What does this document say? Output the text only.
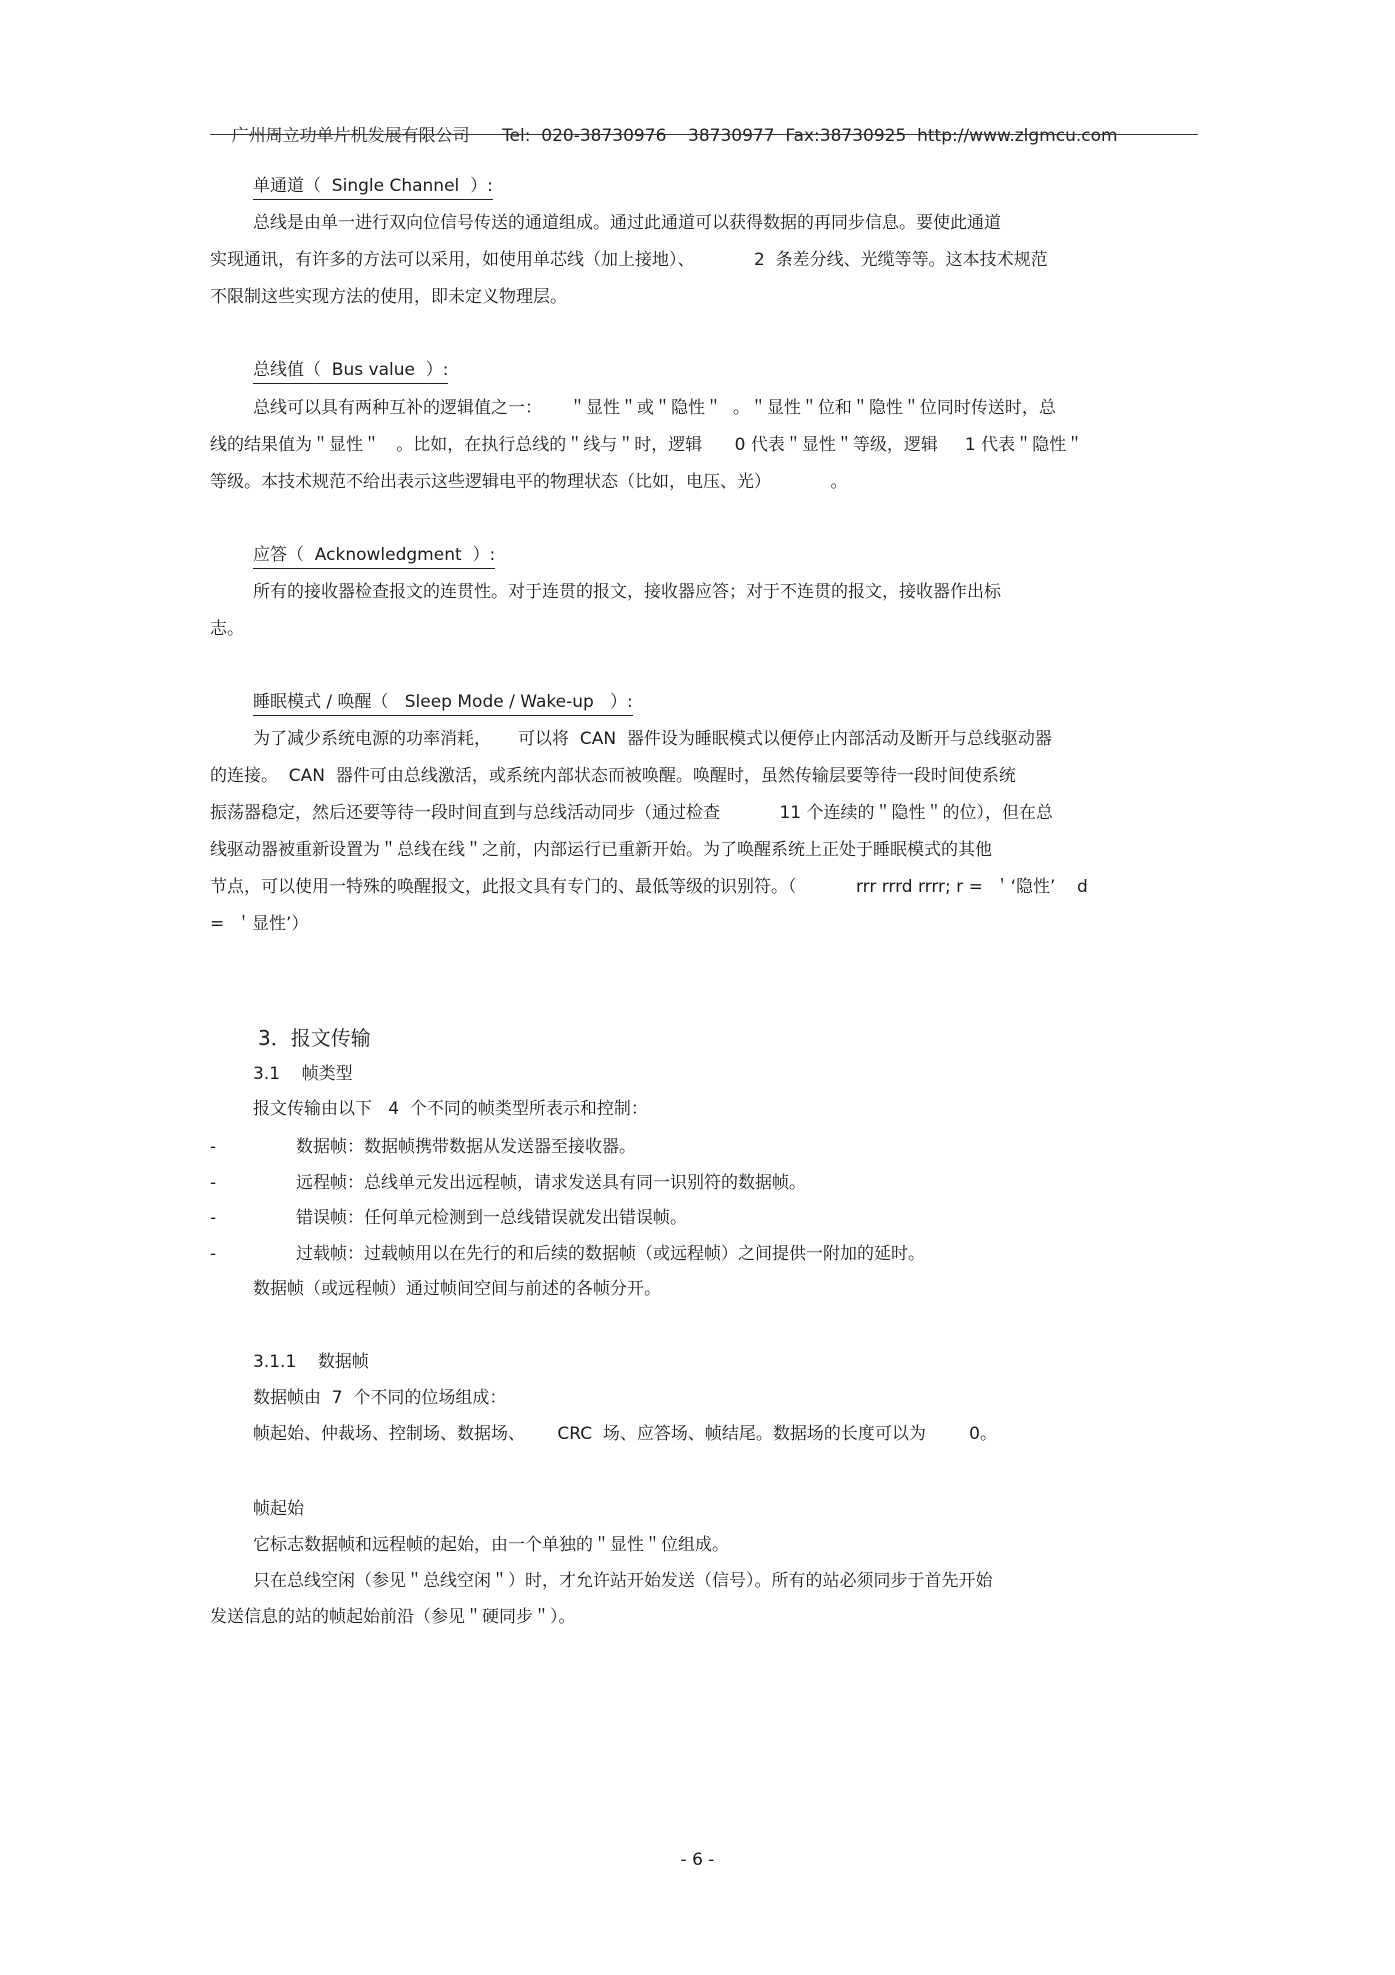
广州周立功单片机发展有限公司 Tel:  020-38730976    38730977  Fax:38730925  http://www.zlgmcu.com

单通道（  Single Channel  ）:
总线是由单一进行双向位信号传送的通道组成。通过此通道可以获得数据的再同步信息。要使此通道
实现通讯，有许多的方法可以采用，如使用单芯线（加上接地）、           2  条差分线、光缆等等。这本技术规范
不限制这些实现方法的使用，即未定义物理层。
总线值（  Bus value  ）:
总线可以具有两种互补的逻辑值之一：     ＂显性＂或＂隐性＂  。＂显性＂位和＂隐性＂位同时传送时，总
线的结果值为＂显性＂   。比如，在执行总线的＂线与＂时，逻辑      0 代表＂显性＂等级，逻辑     1 代表＂隐性＂
等级。本技术规范不给出表示这些逻辑电平的物理状态（比如，电压、光）           。
应答（  Acknowledgment  ）:
所有的接收器检查报文的连贯性。对于连贯的报文，接收器应答；对于不连贯的报文，接收器作出标
志。
睡眠模式 / 唤醒（   Sleep Mode / Wake-up   ）:
为了减少系统电源的功率消耗，     可以将  CAN  器件设为睡眠模式以便停止内部活动及断开与总线驱动器
的连接。  CAN  器件可由总线激活，或系统内部状态而被唤醒。唤醒时，虽然传输层要等待一段时间使系统
振荡器稳定，然后还要等待一段时间直到与总线活动同步（通过检查           11 个连续的＂隐性＂的位），但在总
线驱动器被重新设置为＂总线在线＂之前，内部运行已重新开始。为了唤醒系统上正处于睡眠模式的其他
节点，可以使用一特殊的唤醒报文，此报文具有专门的、最低等级的识别符。（           rrr rrrd rrrr; r =  ＇‘隐性’    d
=  ＇显性’）
3．报文传输
3.1    帧类型
报文传输由以下   4  个不同的帧类型所表示和控制：
-	数据帧：数据帧携带数据从发送器至接收器。
-	远程帧：总线单元发出远程帧，请求发送具有同一识别符的数据帧。
-	错误帧：任何单元检测到一总线错误就发出错误帧。
-	过载帧：过载帧用以在先行的和后续的数据帧（或远程帧）之间提供一附加的延时。
数据帧（或远程帧）通过帧间空间与前述的各帧分开。
3.1.1    数据帧
数据帧由  7  个不同的位场组成：
帧起始、仲裁场、控制场、数据场、      CRC  场、应答场、帧结尾。数据场的长度可以为        0。
帧起始
它标志数据帧和远程帧的起始，由一个单独的＂显性＂位组成。
只在总线空闲（参见＂总线空闲＂）时，才允许站开始发送（信号）。所有的站必须同步于首先开始
发送信息的站的帧起始前沿（参见＂硬同步＂）。
- 6 -
